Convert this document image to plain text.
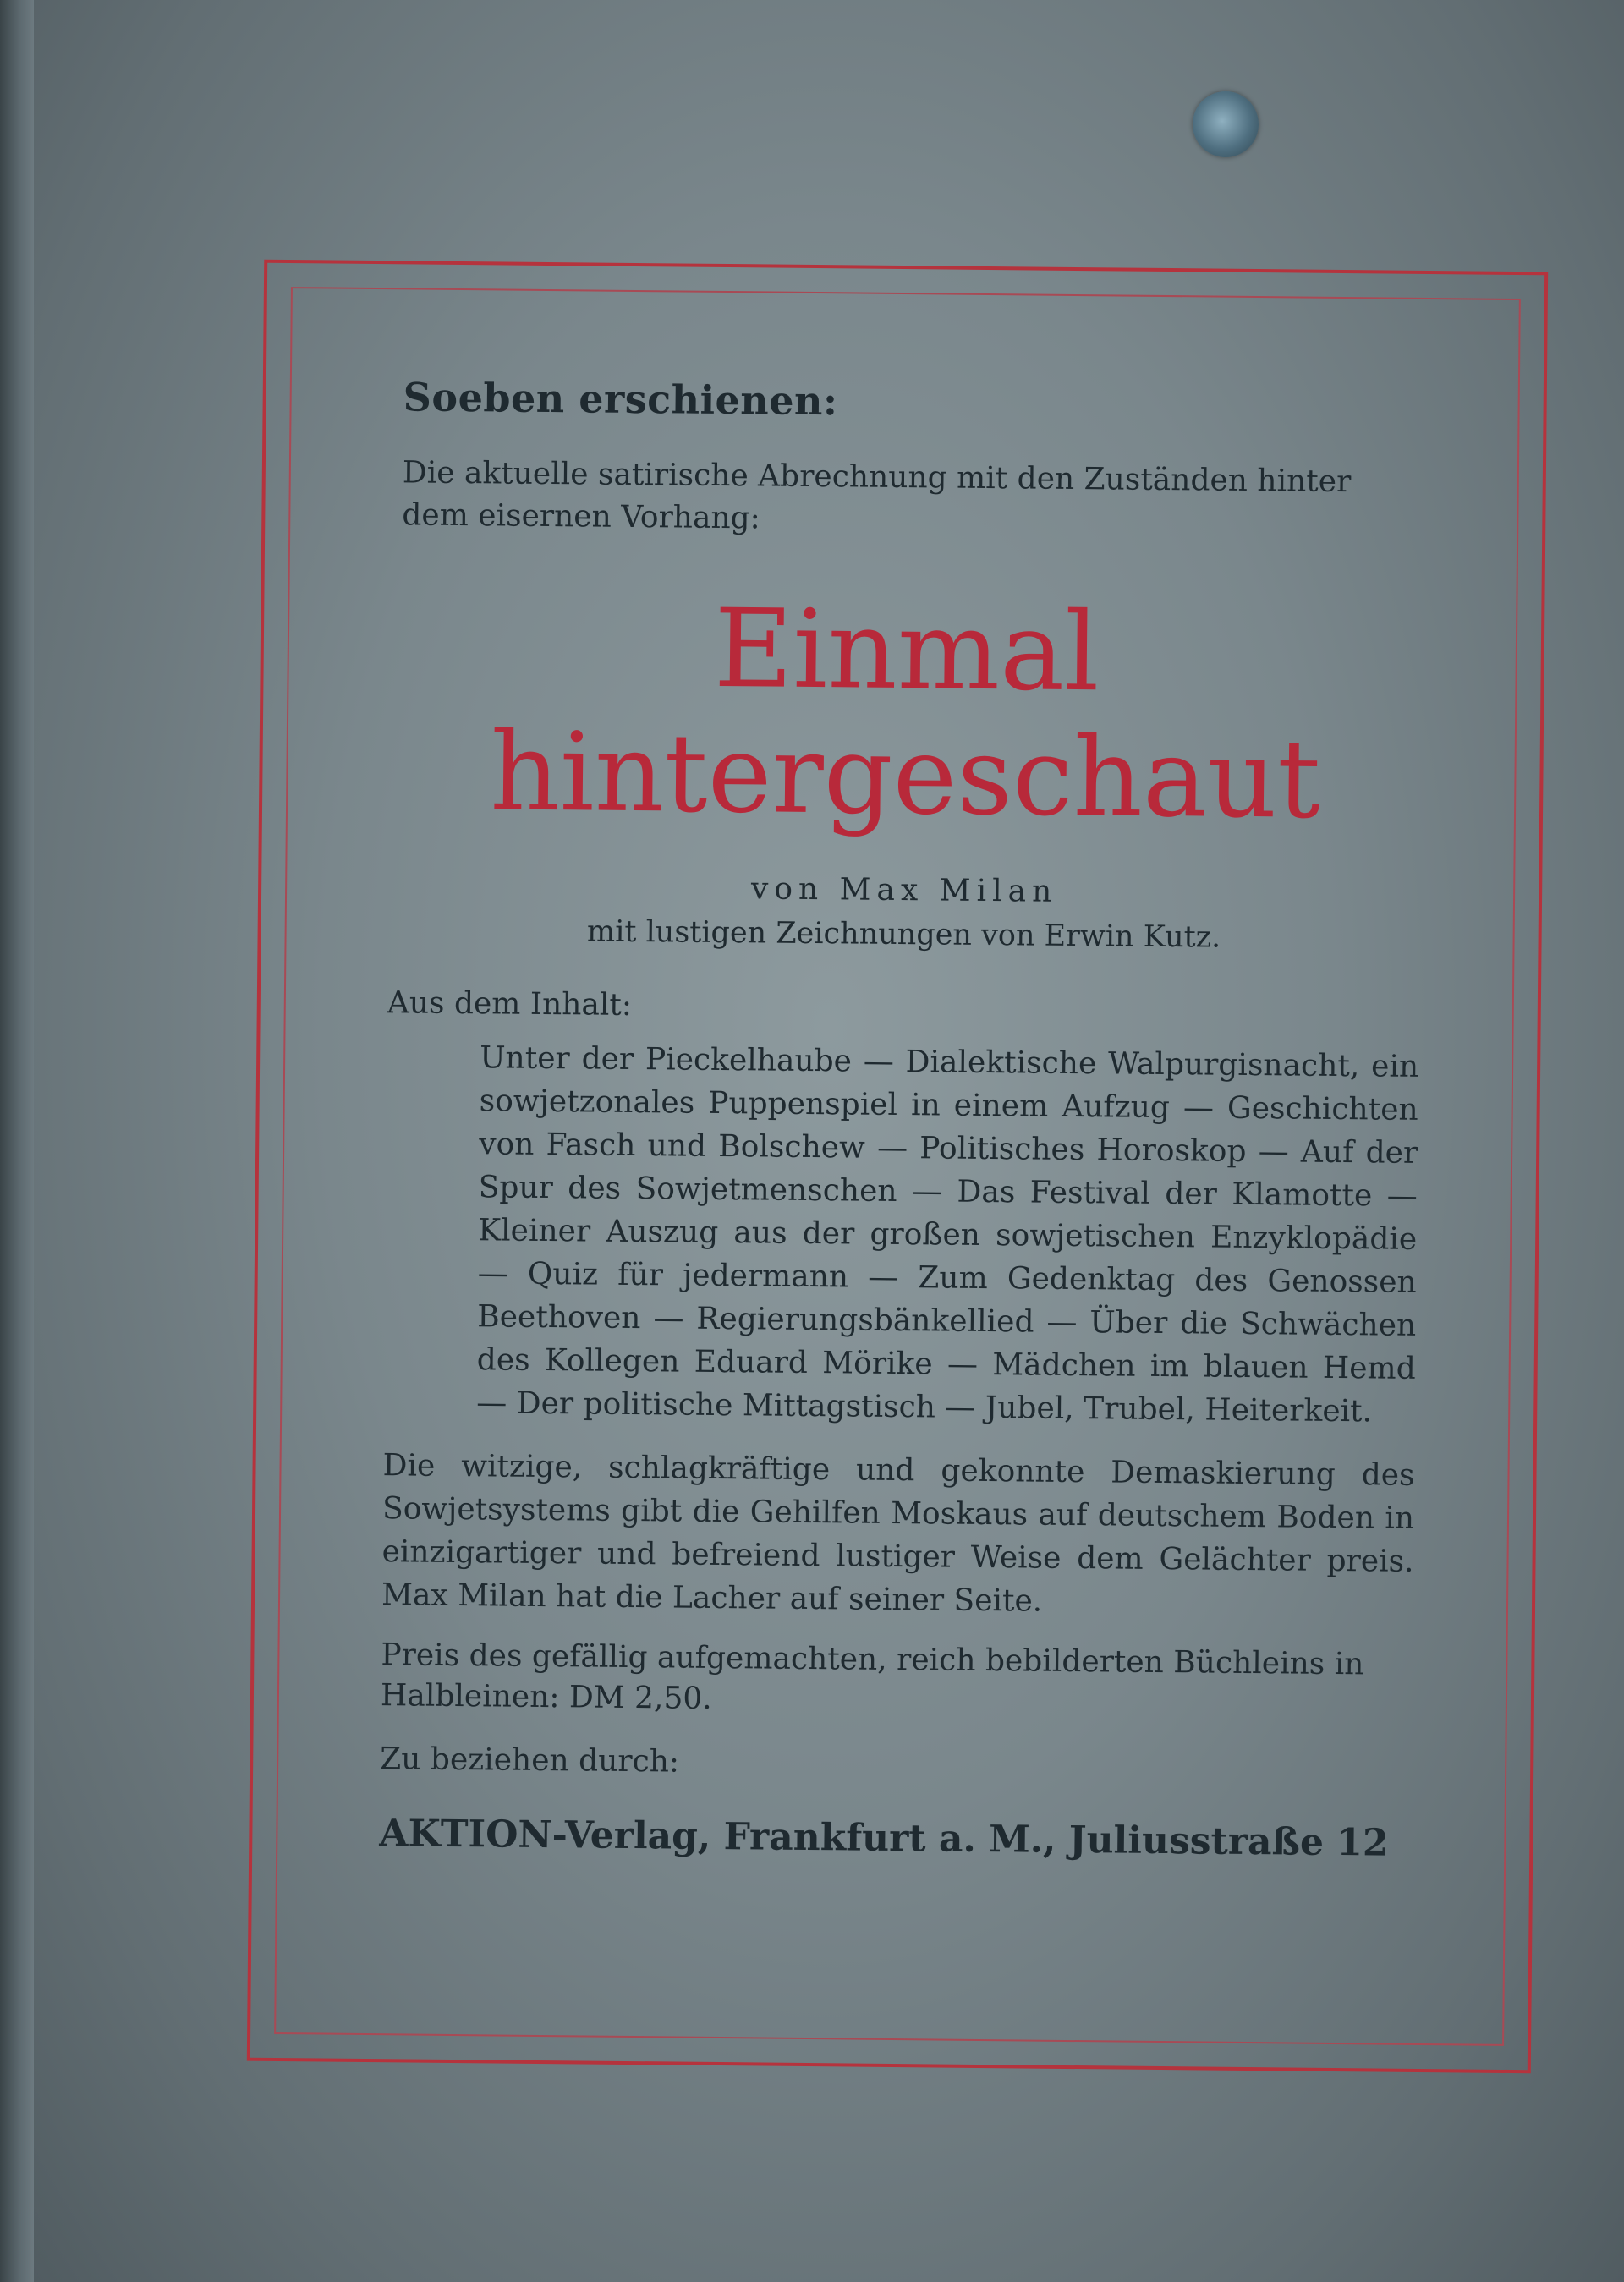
Soeben erschienen:

Die aktuelle satirische Abrechnung mit den Zuständen hinter dem eisernen Vorhang:

Einmal
hintergeschaut

von Max Milan

mit lustigen Zeichnungen von Erwin Kutz.

Aus dem Inhalt:

Unter der Pieckelhaube — Dialektische Walpurgisnacht, ein sowjetzonales Puppenspiel in einem Aufzug — Geschichten von Fasch und Bolschew — Politisches Horoskop — Auf der Spur des Sowjetmenschen — Das Festival der Klamotte — Kleiner Auszug aus der großen sowjetischen Enzyklopädie — Quiz für jedermann — Zum Gedenktag des Genossen Beethoven — Regierungsbänkellied — Über die Schwächen des Kollegen Eduard Mörike — Mädchen im blauen Hemd — Der politische Mittagstisch — Jubel, Trubel, Heiterkeit.

Die witzige, schlagkräftige und gekonnte Demaskierung des Sowjetsystems gibt die Gehilfen Moskaus auf deutschem Boden in einzigartiger und befreiend lustiger Weise dem Gelächter preis. Max Milan hat die Lacher auf seiner Seite.

Preis des gefällig aufgemachten, reich bebilderten Büchleins in Halbleinen: DM 2,50.

Zu beziehen durch:

AKTION-Verlag, Frankfurt a. M., Juliusstraße 12
